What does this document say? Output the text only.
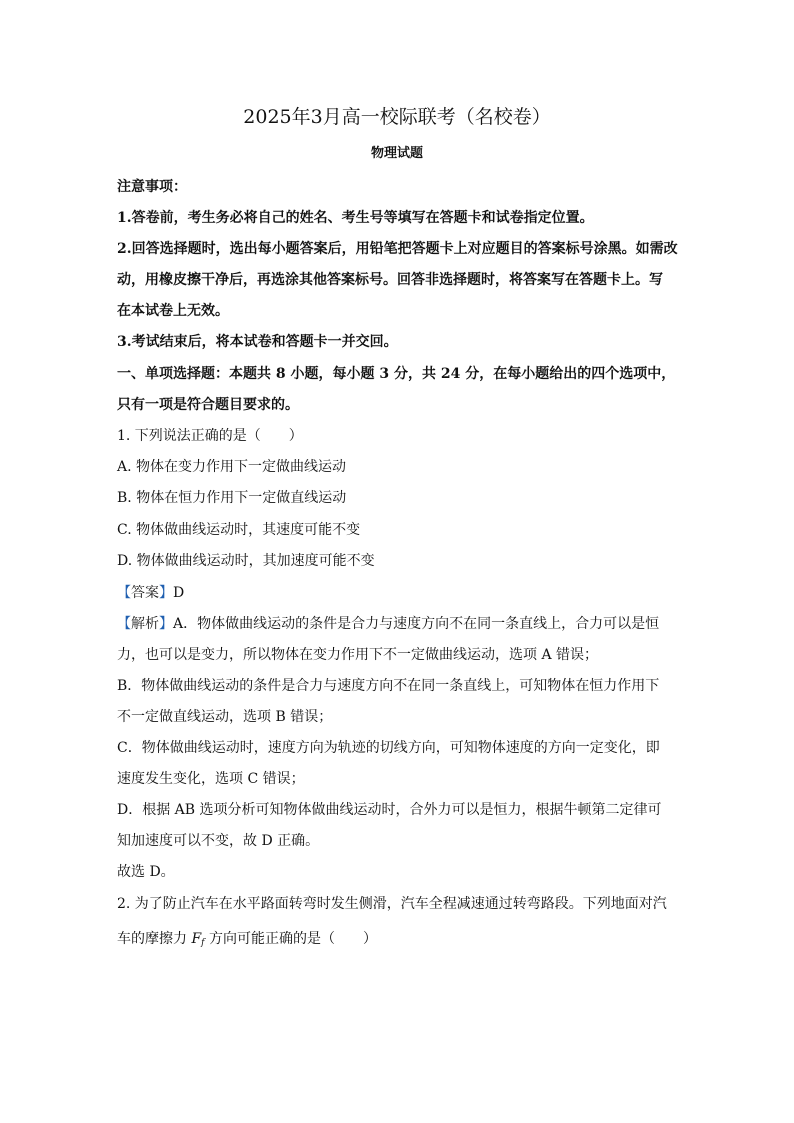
2025年3月高一校际联考（名校卷）
物理试题
注意事项：
1.答卷前，考生务必将自己的姓名、考生号等填写在答题卡和试卷指定位置。
2.回答选择题时，选出每小题答案后，用铅笔把答题卡上对应题目的答案标号涂黑。如需改
动，用橡皮擦干净后，再选涂其他答案标号。回答非选择题时，将答案写在答题卡上。写
在本试卷上无效。
3.考试结束后，将本试卷和答题卡一并交回。
一、单项选择题：本题共 8 小题，每小题 3 分，共 24 分，在每小题给出的四个选项中，
只有一项是符合题目要求的。
1. 下列说法正确的是（　　）
A. 物体在变力作用下一定做曲线运动
B. 物体在恒力作用下一定做直线运动
C. 物体做曲线运动时，其速度可能不变
D. 物体做曲线运动时，其加速度可能不变
【答案】D
【解析】A．物体做曲线运动的条件是合力与速度方向不在同一条直线上，合力可以是恒
力，也可以是变力，所以物体在变力作用下不一定做曲线运动，选项 A 错误；
B．物体做曲线运动的条件是合力与速度方向不在同一条直线上，可知物体在恒力作用下
不一定做直线运动，选项 B 错误；
C．物体做曲线运动时，速度方向为轨迹的切线方向，可知物体速度的方向一定变化，即
速度发生变化，选项 C 错误；
D．根据 AB 选项分析可知物体做曲线运动时，合外力可以是恒力，根据牛顿第二定律可
知加速度可以不变，故 D 正确。
故选 D。
2. 为了防止汽车在水平路面转弯时发生侧滑，汽车全程减速通过转弯路段。下列地面对汽
车的摩擦力 $F_f$ 方向可能正确的是（　　）
